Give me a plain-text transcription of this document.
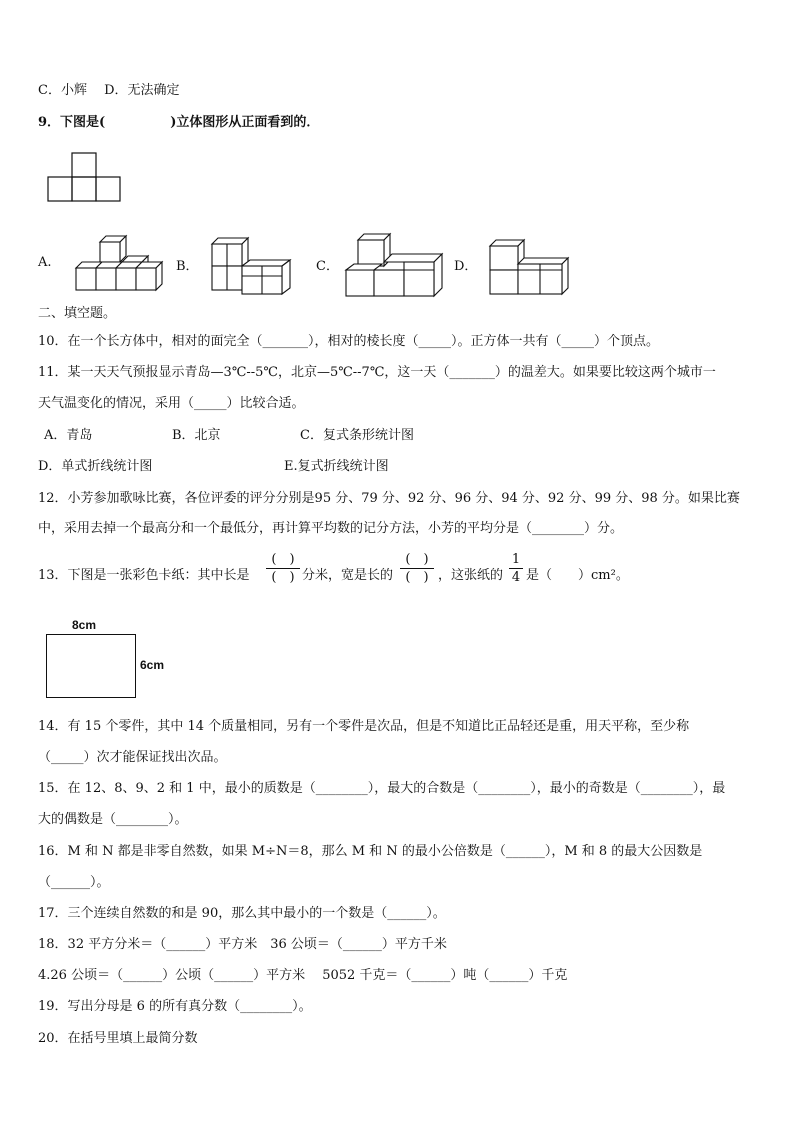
C．小辉　 D．无法确定
9．下图是(　　　　　)立体图形从正面看到的．
A.	B．	C．	D．
二、填空题。
10．在一个长方体中，相对的面完全（_______），相对的棱长度（_____）。正方体一共有（_____）个顶点。
11．某一天天气预报显示青岛—3℃--5℃，北京—5℃--7℃，这一天（_______）的温差大。如果要比较这两个城市一
天气温变化的情况，采用（_____）比较合适。
A．青岛	B．北京	C．复式条形统计图
D．单式折线统计图	E.复式折线统计图
12．小芳参加歌咏比赛，各位评委的评分分别是95 分、79 分、92 分、96 分、94 分、92 分、99 分、98 分。如果比赛
中，采用去掉一个最高分和一个最低分，再计算平均数的记分方法，小芳的平均分是（________）分。
13．下图是一张彩色卡纸：其中长是
(　)
(　) 分米，宽是长的
(　)
(　) ，这张纸的
1
4 是（　　）cm²。
8cm
6cm
14．有 15 个零件，其中 14 个质量相同，另有一个零件是次品，但是不知道比正品轻还是重，用天平称，至少称
（_____）次才能保证找出次品。
15．在 12、8、9、2 和 1 中，最小的质数是（________），最大的合数是（________），最小的奇数是（________），最
大的偶数是（________）。
16．M 和 N 都是非零自然数，如果 M÷N＝8，那么 M 和 N 的最小公倍数是（______），M 和 8 的最大公因数是
（______）。
17．三个连续自然数的和是 90，那么其中最小的一个数是（______）。
18．32 平方分米＝（______）平方米　36 公顷＝（______）平方千米
4.26 公顷＝（______）公顷（______）平方米　 5052 千克＝（______）吨（______）千克
19．写出分母是 6 的所有真分数（________）。
20．在括号里填上最简分数
